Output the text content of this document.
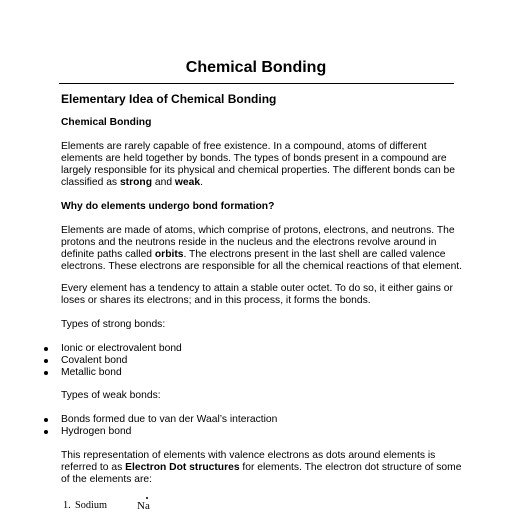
Chemical Bonding
Elementary Idea of Chemical Bonding
Chemical Bonding
Elements are rarely capable of free existence. In a compound, atoms of different
elements are held together by bonds. The types of bonds present in a compound are
largely responsible for its physical and chemical properties. The different bonds can be
classified as strong and weak.
Why do elements undergo bond formation?
Elements are made of atoms, which comprise of protons, electrons, and neutrons. The
protons and the neutrons reside in the nucleus and the electrons revolve around in
definite paths called orbits. The electrons present in the last shell are called valence
electrons. These electrons are responsible for all the chemical reactions of that element.
Every element has a tendency to attain a stable outer octet. To do so, it either gains or
loses or shares its electrons; and in this process, it forms the bonds.
Types of strong bonds:
Ionic or electrovalent bond
Covalent bond
Metallic bond
Types of weak bonds:
Bonds formed due to van der Waal’s interaction
Hydrogen bond
This representation of elements with valence electrons as dots around elements is
referred to as Electron Dot structures for elements. The electron dot structure of some
of the elements are:
1. Sodium	Na
